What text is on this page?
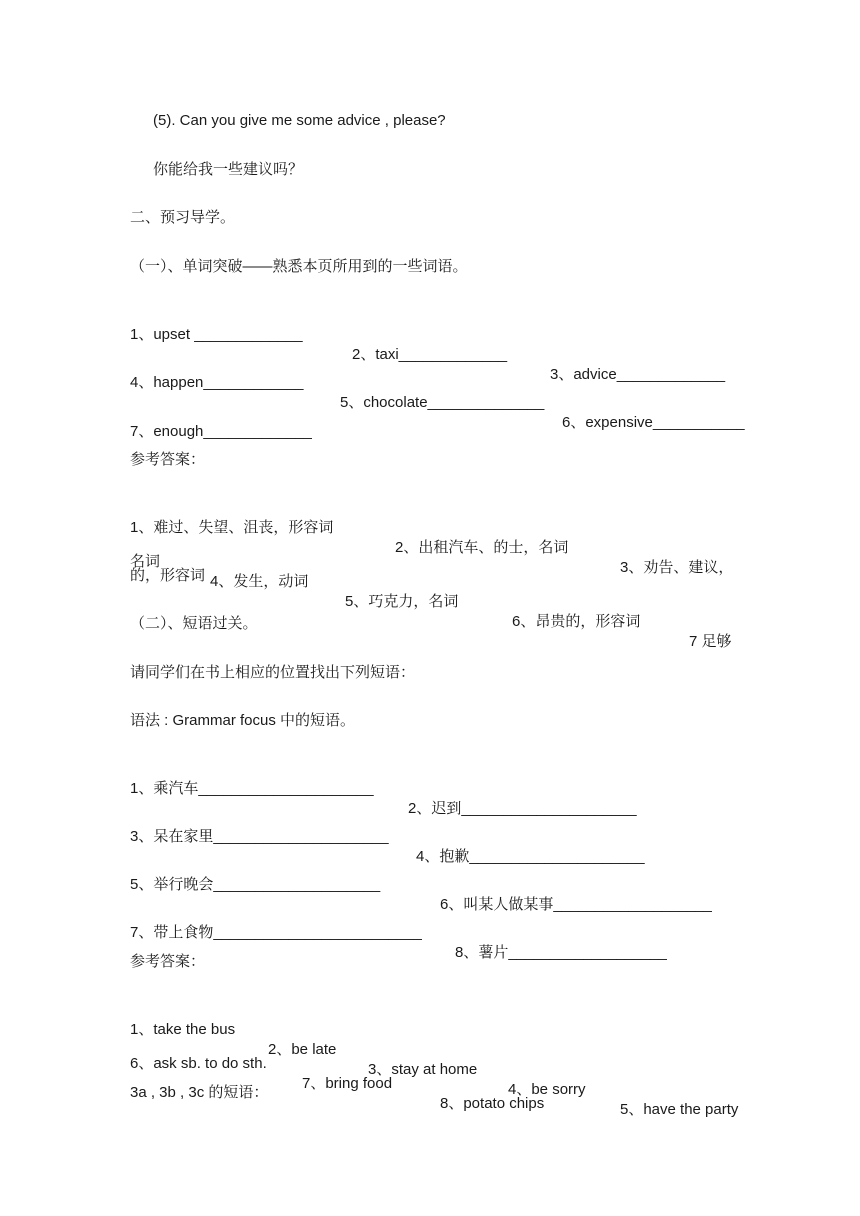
(5). Can you give me some advice , please?
你能给我一些建议吗？
二、预习导学。
（一）、单词突破——熟悉本页所用到的一些词语。

1、upset _____________

2、taxi_____________

3、advice_____________

4、happen____________

5、chocolate______________

6、expensive___________

7、enough_____________

参考答案：

1、难过、失望、沮丧，形容词

2、出租汽车、的士，名词

3、劝告、建议，

名词

4、发生，动词

5、巧克力，名词

6、昂贵的，形容词

7 足够

的，形容词
（二）、短语过关。
请同学们在书上相应的位置找出下列短语：
语法 : Grammar focus 中的短语。

1、乘汽车_____________________

2、迟到_____________________

3、呆在家里_____________________

4、抱歉_____________________

5、举行晚会____________________

6、叫某人做某事___________________

7、带上食物_________________________

8、薯片___________________

参考答案：

1、take the bus

2、be late

3、stay at home

4、be sorry

5、have the party

6、ask sb. to do sth.

7、bring food

8、potato chips

3a , 3b , 3c 的短语：
